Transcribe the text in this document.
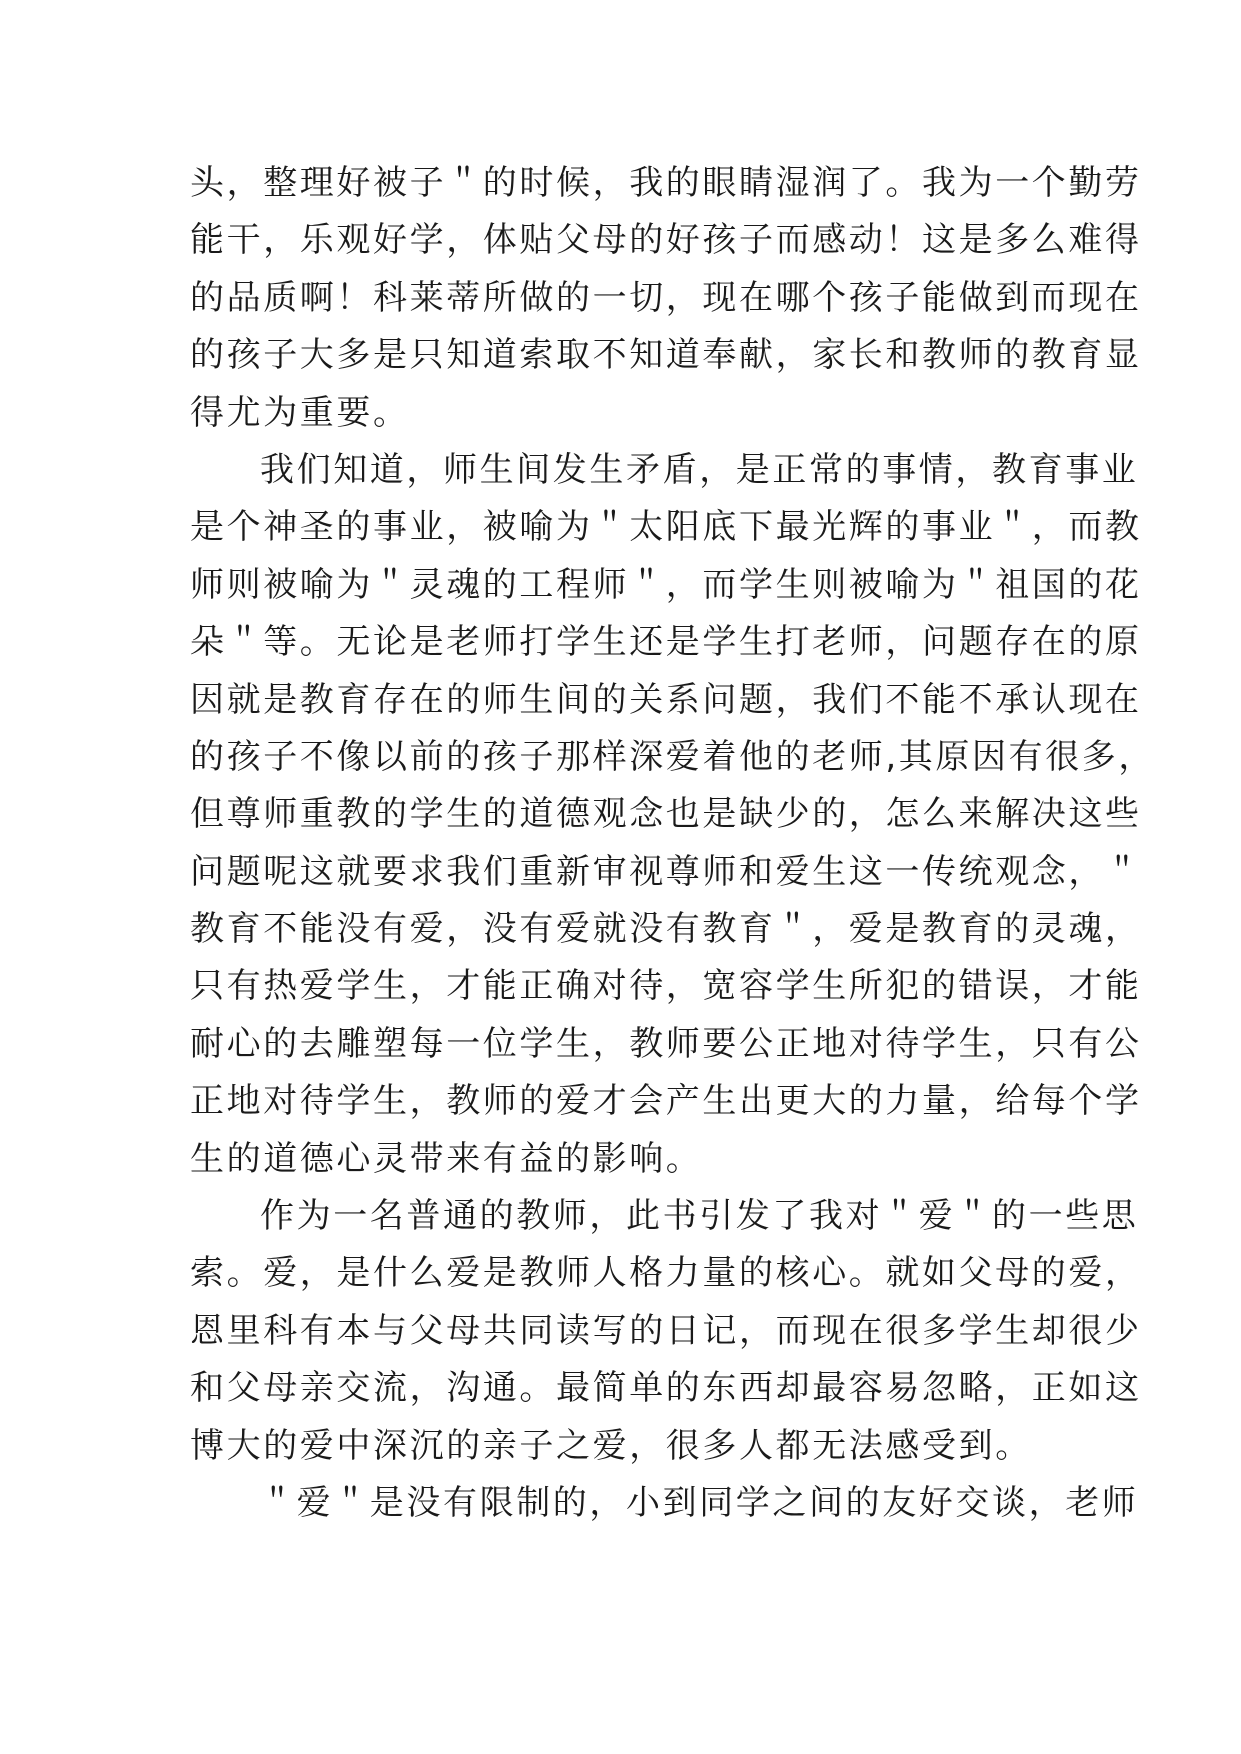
头，整理好被子＂的时候，我的眼睛湿润了。我为一个勤劳
能干，乐观好学，体贴父母的好孩子而感动！这是多么难得
的品质啊！科莱蒂所做的一切，现在哪个孩子能做到而现在
的孩子大多是只知道索取不知道奉献，家长和教师的教育显
得尤为重要。
我们知道，师生间发生矛盾，是正常的事情，教育事业
是个神圣的事业，被喻为＂太阳底下最光辉的事业＂，而教
师则被喻为＂灵魂的工程师＂，而学生则被喻为＂祖国的花
朵＂等。无论是老师打学生还是学生打老师，问题存在的原
因就是教育存在的师生间的关系问题，我们不能不承认现在
的孩子不像以前的孩子那样深爱着他的老师,其原因有很多，
但尊师重教的学生的道德观念也是缺少的，怎么来解决这些
问题呢这就要求我们重新审视尊师和爱生这一传统观念，＂
教育不能没有爱，没有爱就没有教育＂，爱是教育的灵魂，
只有热爱学生，才能正确对待，宽容学生所犯的错误，才能
耐心的去雕塑每一位学生，教师要公正地对待学生，只有公
正地对待学生，教师的爱才会产生出更大的力量，给每个学
生的道德心灵带来有益的影响。
作为一名普通的教师，此书引发了我对＂爱＂的一些思
索。爱，是什么爱是教师人格力量的核心。就如父母的爱，
恩里科有本与父母共同读写的日记，而现在很多学生却很少
和父母亲交流，沟通。最简单的东西却最容易忽略，正如这
博大的爱中深沉的亲子之爱，很多人都无法感受到。
＂爱＂是没有限制的，小到同学之间的友好交谈，老师
